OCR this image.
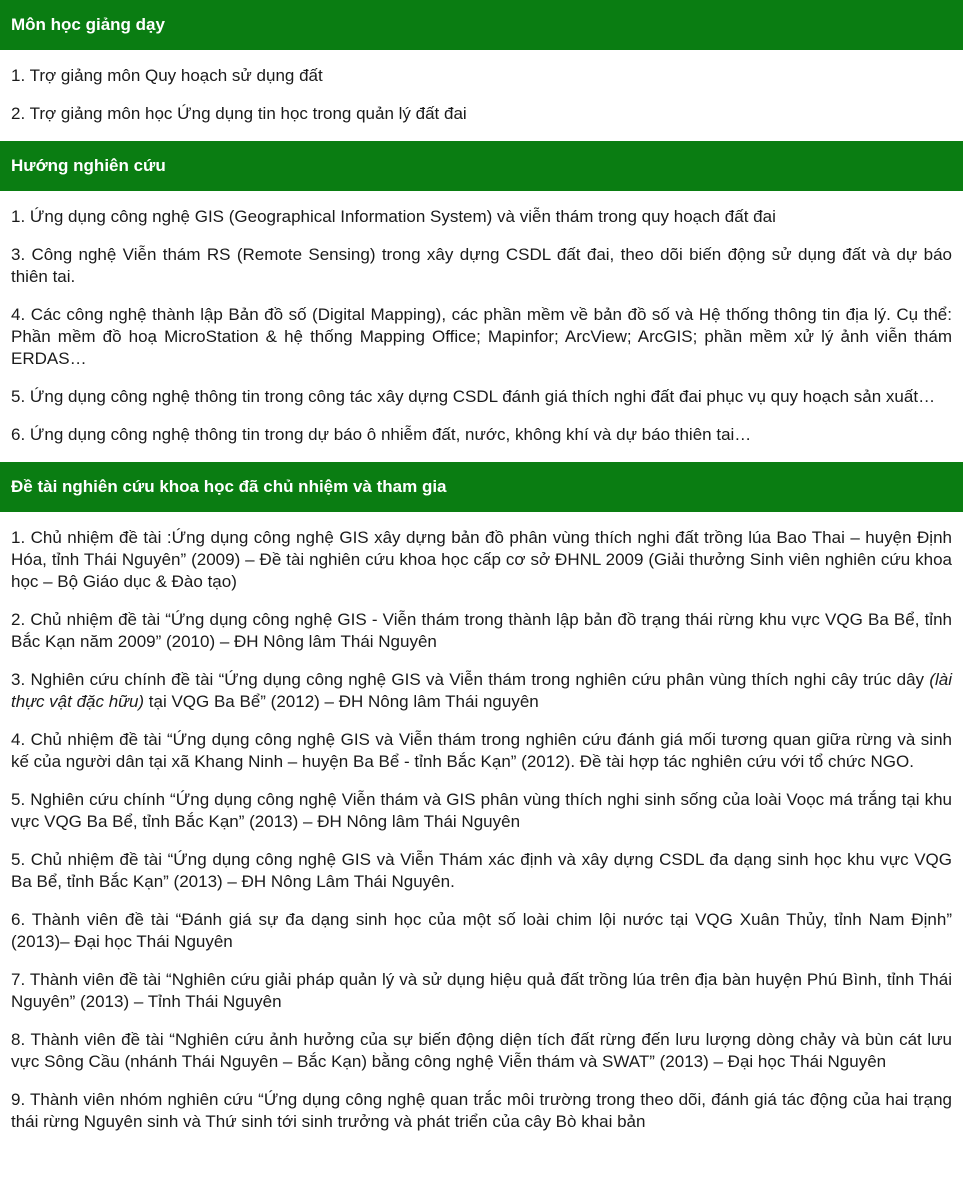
Môn học giảng dạy

1. Trợ giảng môn Quy hoạch sử dụng đất

2. Trợ giảng môn học Ứng dụng tin học trong quản lý đất đai

Hướng nghiên cứu

1. Ứng dụng công nghệ GIS (Geographical Information System) và viễn thám trong quy hoạch đất đai

3. Công nghệ Viễn thám RS (Remote Sensing) trong xây dựng CSDL đất đai, theo dõi biến động sử dụng đất và dự báo thiên tai.

4. Các công nghệ thành lập Bản đồ số (Digital Mapping), các phần mềm về bản đồ số và Hệ thống thông tin địa lý. Cụ thể: Phần mềm đồ hoạ MicroStation & hệ thống Mapping Office; Mapinfor; ArcView; ArcGIS; phần mềm xử lý ảnh viễn thám ERDAS…

5. Ứng dụng công nghệ thông tin trong công tác xây dựng CSDL đánh giá thích nghi đất đai phục vụ quy hoạch sản xuất…

6. Ứng dụng công nghệ thông tin trong dự báo ô nhiễm đất, nước, không khí và dự báo thiên tai…

Đề tài nghiên cứu khoa học đã chủ nhiệm và tham gia

1. Chủ nhiệm đề tài :Ứng dụng công nghệ GIS xây dựng bản đồ phân vùng thích nghi đất trồng lúa Bao Thai – huyện Định Hóa, tỉnh Thái Nguyên” (2009) – Đề tài nghiên cứu khoa học cấp cơ sở ĐHNL 2009 (Giải thưởng Sinh viên nghiên cứu khoa học – Bộ Giáo dục & Đào tạo)

2. Chủ nhiệm đề tài “Ứng dụng công nghệ GIS - Viễn thám trong thành lập bản đồ trạng thái rừng khu vực VQG Ba Bể, tỉnh Bắc Kạn năm 2009” (2010) – ĐH Nông lâm Thái Nguyên

3. Nghiên cứu chính đề tài “Ứng dụng công nghệ GIS và Viễn thám trong nghiên cứu phân vùng thích nghi cây trúc dây (lài thực vật đặc hữu) tại VQG Ba Bể” (2012) – ĐH Nông lâm Thái nguyên

4. Chủ nhiệm đề tài “Ứng dụng công nghệ GIS và Viễn thám trong nghiên cứu đánh giá mối tương quan giữa rừng và sinh kế của người dân tại xã Khang Ninh – huyện Ba Bể - tỉnh Bắc Kạn” (2012). Đề tài hợp tác nghiên cứu với tổ chức NGO.

5. Nghiên cứu chính “Ứng dụng công nghệ Viễn thám và GIS phân vùng thích nghi sinh sống của loài Voọc má trắng tại khu vực VQG Ba Bể, tỉnh Bắc Kạn” (2013) – ĐH Nông lâm Thái Nguyên

5. Chủ nhiệm đề tài “Ứng dụng công nghệ GIS và Viễn Thám xác định và xây dựng CSDL đa dạng sinh học khu vực VQG Ba Bể, tỉnh Bắc Kạn” (2013) – ĐH Nông Lâm Thái Nguyên.

6. Thành viên đề tài “Đánh giá sự đa dạng sinh học của một số loài chim lội nước tại VQG Xuân Thủy, tỉnh Nam Định” (2013)– Đại học Thái Nguyên

7. Thành viên đề tài “Nghiên cứu giải pháp quản lý và sử dụng hiệu quả đất trồng lúa trên địa bàn huyện Phú Bình, tỉnh Thái Nguyên” (2013) – Tỉnh Thái Nguyên

8. Thành viên đề tài “Nghiên cứu ảnh hưởng của sự biến động diện tích đất rừng đến lưu lượng dòng chảy và bùn cát lưu vực Sông Cầu (nhánh Thái Nguyên – Bắc Kạn) bằng công nghệ Viễn thám và SWAT” (2013) – Đại học Thái Nguyên

9. Thành viên nhóm nghiên cứu “Ứng dụng công nghệ quan trắc môi trường trong theo dõi, đánh giá tác động của hai trạng thái rừng Nguyên sinh và Thứ sinh tới sinh trưởng và phát triển của cây Bò khai bản
